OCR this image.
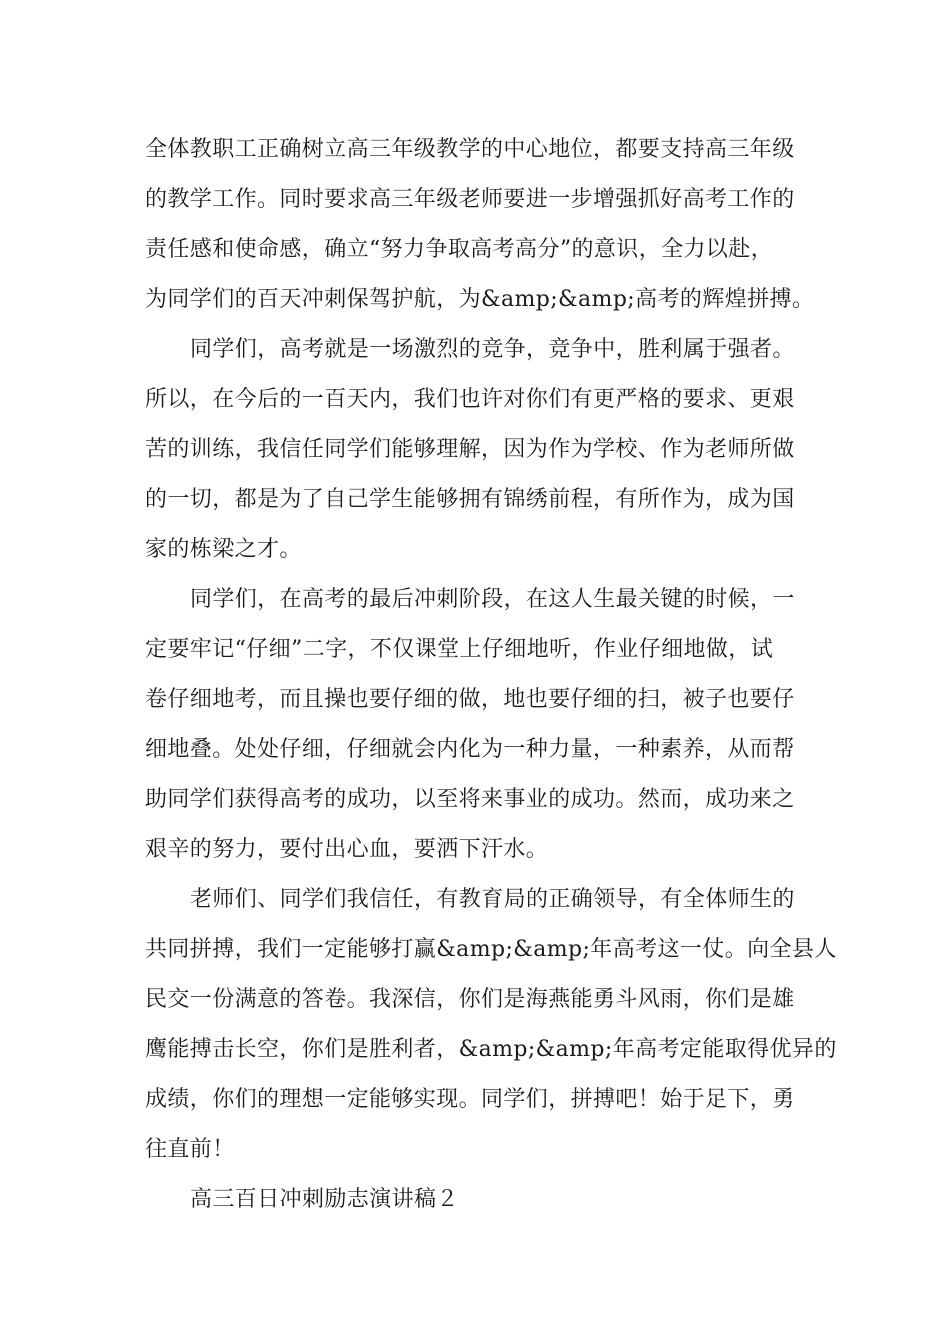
全体教职工正确树立高三年级教学的中心地位，都要支持高三年级
的教学工作。同时要求高三年级老师要进一步增强抓好高考工作的
责任感和使命感，确立“努力争取高考高分”的意识，全力以赴，
为同学们的百天冲刺保驾护航，为&amp;&amp;高考的辉煌拼搏。
同学们，高考就是一场激烈的竞争，竞争中，胜利属于强者。
所以，在今后的一百天内，我们也许对你们有更严格的要求、更艰
苦的训练，我信任同学们能够理解，因为作为学校、作为老师所做
的一切，都是为了自己学生能够拥有锦绣前程，有所作为，成为国
家的栋梁之才。
同学们，在高考的最后冲刺阶段，在这人生最关键的时候，一
定要牢记“仔细”二字，不仅课堂上仔细地听，作业仔细地做，试
卷仔细地考，而且操也要仔细的做，地也要仔细的扫，被子也要仔
细地叠。处处仔细，仔细就会内化为一种力量，一种素养，从而帮
助同学们获得高考的成功，以至将来事业的成功。然而，成功来之
艰辛的努力，要付出心血，要洒下汗水。
老师们、同学们我信任，有教育局的正确领导，有全体师生的
共同拼搏，我们一定能够打赢&amp;&amp;年高考这一仗。向全县人
民交一份满意的答卷。我深信，你们是海燕能勇斗风雨，你们是雄
鹰能搏击长空，你们是胜利者，&amp;&amp;年高考定能取得优异的
成绩，你们的理想一定能够实现。同学们，拼搏吧！始于足下，勇
往直前！
高三百日冲刺励志演讲稿２
